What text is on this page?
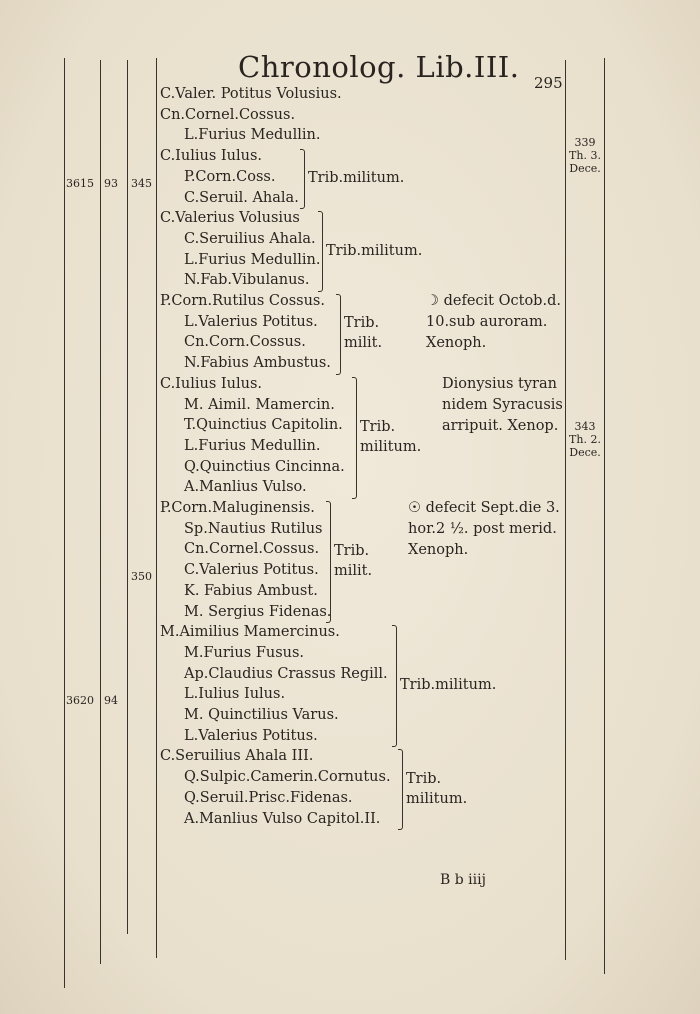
Chronolog. Lib.III. 295
C.Valer. Potitus Volusius.
Cn.Cornel.Cossus.
L.Furius Medullin.
C.Iulius Iulus.
P.Corn.Coss.
C.Seruil. Ahala.
C.Valerius Volusius
C.Seruilius Ahala.
L.Furius Medullin.
N.Fab.Vibulanus.
P.Corn.Rutilus Cossus.
L.Valerius Potitus.
Cn.Corn.Cossus.
N.Fabius Ambustus.
C.Iulius Iulus.
M. Aimil. Mamercin.
T.Quinctius Capitolin.
L.Furius Medullin.
Q.Quinctius Cincinna.
A.Manlius Vulso.
P.Corn.Maluginensis.
Sp.Nautius Rutilus
Cn.Cornel.Cossus.
C.Valerius Potitus.
K. Fabius Ambust.
M. Sergius Fidenas.
M.Aimilius Mamercinus.
M.Furius Fusus.
Ap.Claudius Crassus Regill.
L.Iulius Iulus.
M. Quinctilius Varus.
L.Valerius Potitus.
C.Seruilius Ahala III.
Q.Sulpic.Camerin.Cornutus.
Q.Seruil.Prisc.Fidenas.
A.Manlius Vulso Capitol.II.
3615 93 345
350
3620 94
Trib.militum.
Trib.militum.
Trib.
milit.
Trib.
militum.
Trib.
milit.
Trib.militum.
Trib.
militum.
☽ defecit Octob.d.
10.sub auroram.
Xenoph.
Dionysius tyran
nidem Syracusis
arripuit. Xenop.
☉ defecit Sept.die 3.
hor.2 ½. post merid.
Xenoph.
339
Th. 3.
Dece.
343
Th. 2.
Dece.
B b iiij
